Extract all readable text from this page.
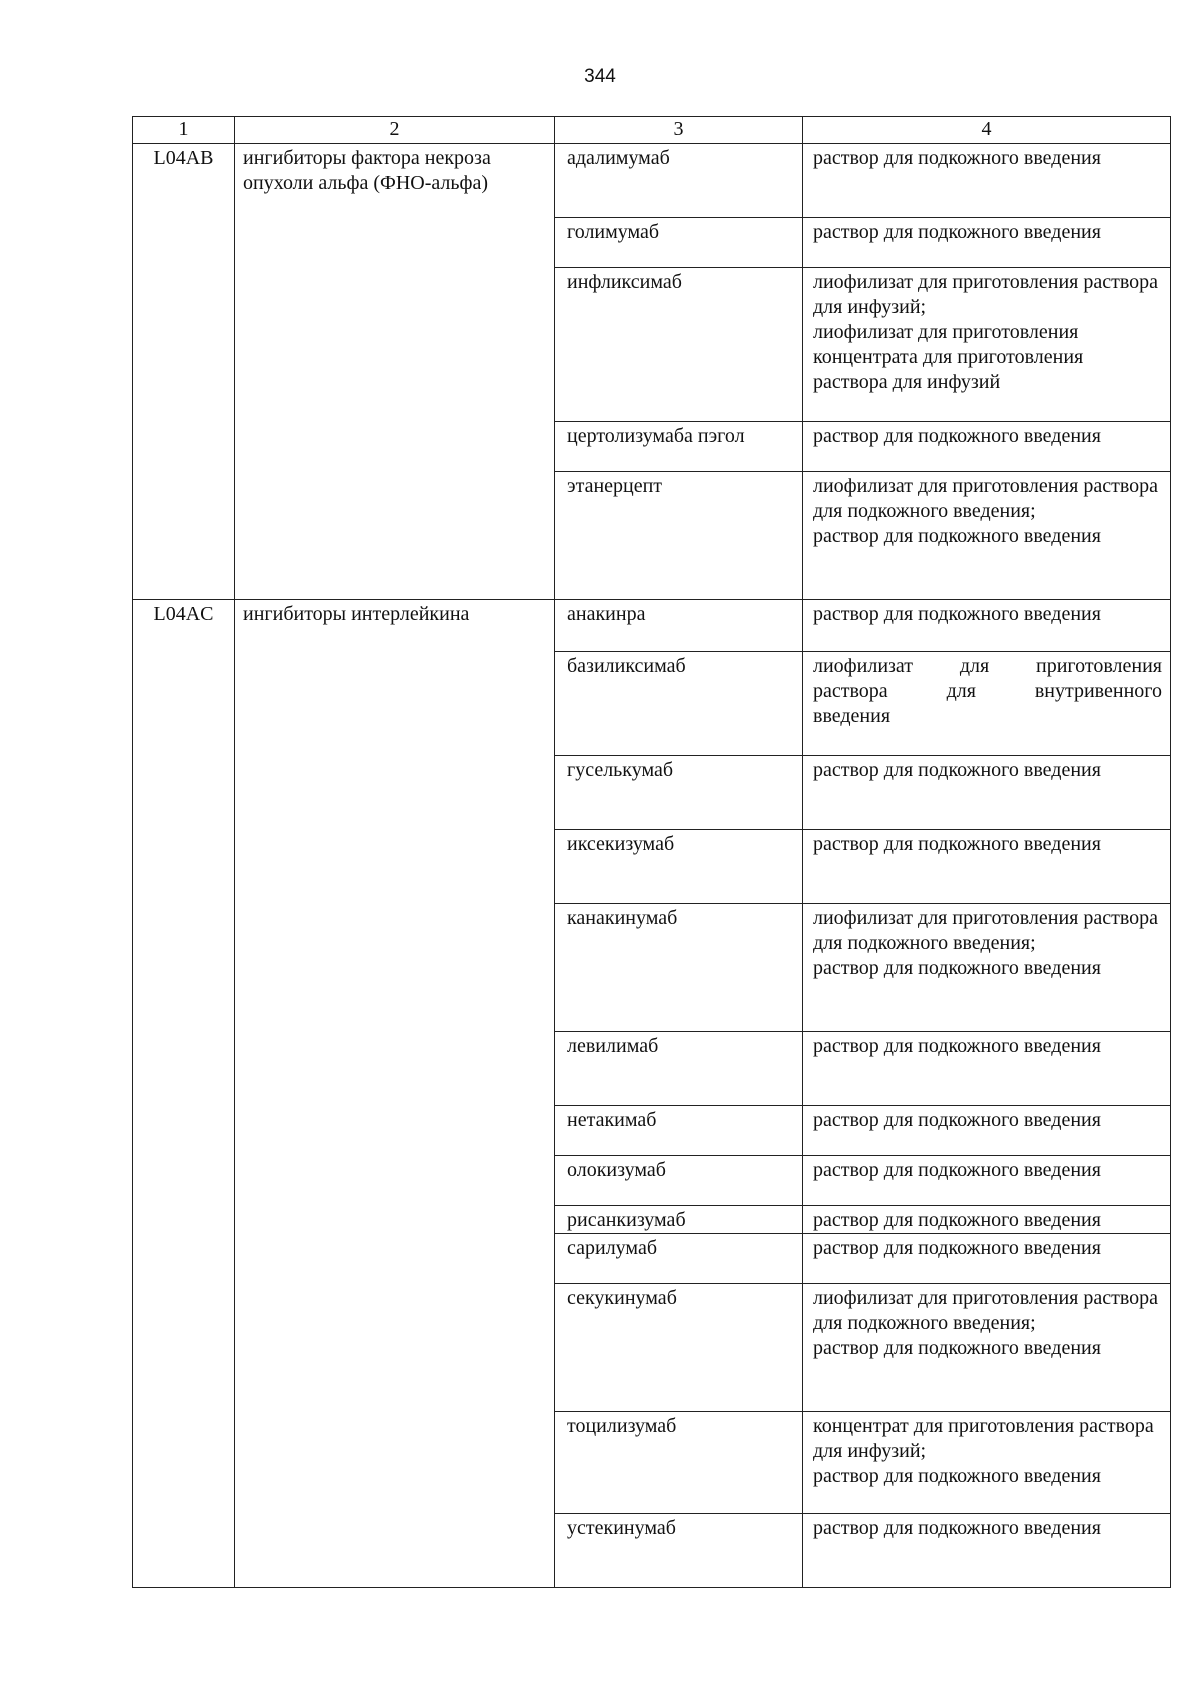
344
1	2	3	4
L04AB	ингибиторы фактора некроза опухоли альфа (ФНО-альфа)	адалимумаб	раствор для подкожного введения

		голимумаб	раствор для подкожного введения

		инфликсимаб	лиофилизат для приготовления раствора для инфузий;
лиофилизат для приготовления концентрата для приготовления раствора для инфузий

		цертолизумаба пэгол	раствор для подкожного введения

		этанерцепт	лиофилизат для приготовления раствора для подкожного введения;
раствор для подкожного введения

L04AC	ингибиторы интерлейкина	анакинра	раствор для подкожного введения

		базиликсимаб	лиофилизат для приготовления раствора для внутривенного введения

		гуселькумаб	раствор для подкожного введения

		иксекизумаб	раствор для подкожного введения

		канакинумаб	лиофилизат для приготовления раствора для подкожного введения;
раствор для подкожного введения

		левилимаб	раствор для подкожного введения

		нетакимаб	раствор для подкожного введения

		олокизумаб	раствор для подкожного введения

		рисанкизумаб	раствор для подкожного введения

		сарилумаб	раствор для подкожного введения

		секукинумаб	лиофилизат для приготовления раствора для подкожного введения;
раствор для подкожного введения

		тоцилизумаб	концентрат для приготовления раствора для инфузий;
раствор для подкожного введения

		устекинумаб	раствор для подкожного введения
